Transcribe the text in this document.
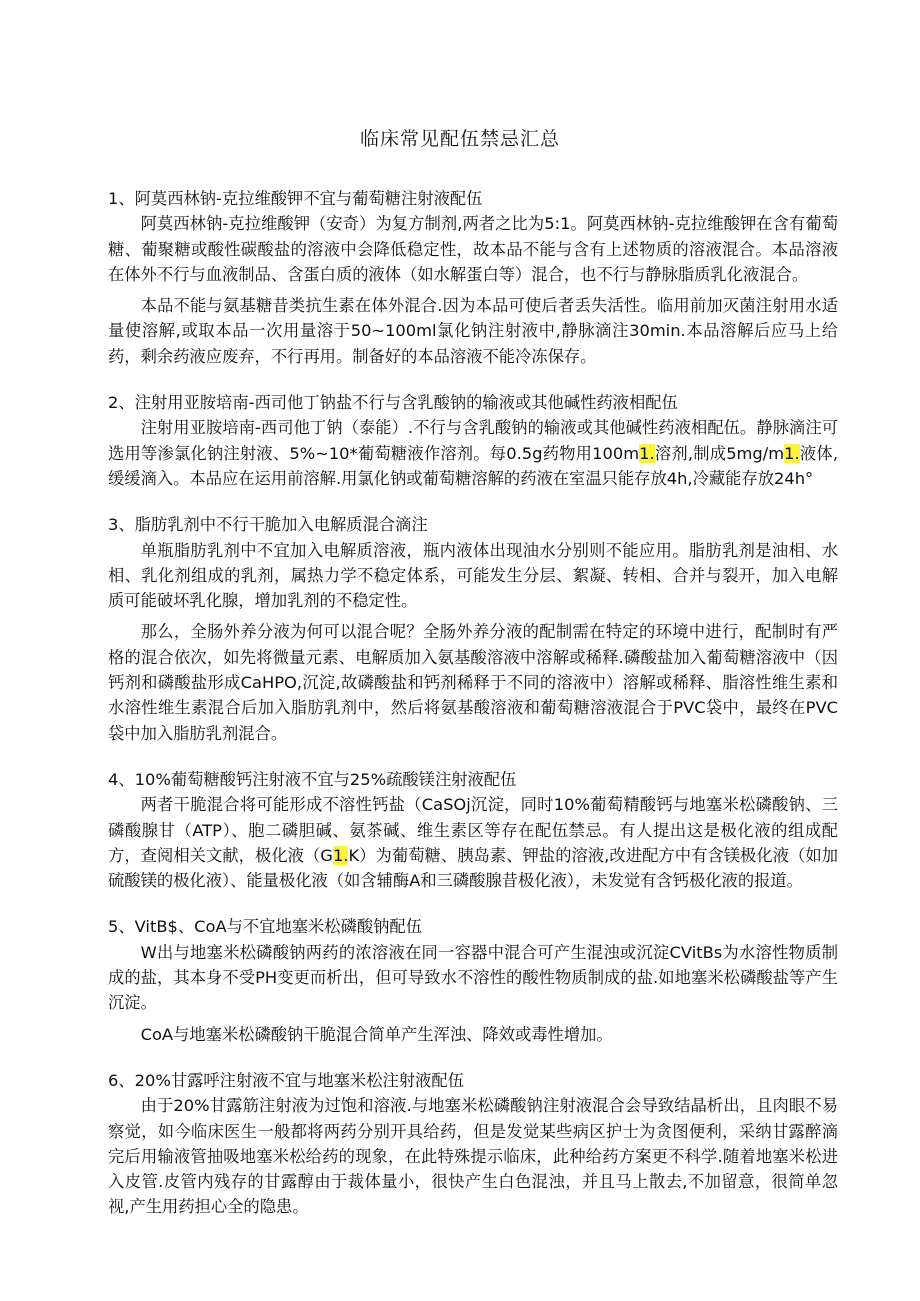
临床常见配伍禁忌汇总
1、阿莫西林钠-克拉维酸钾不宜与葡萄糖注射液配伍
阿莫西林钠-克拉维酸钾（安奇）为复方制剂,两者之比为5:1。阿莫西林钠-克拉维酸钾在含有葡萄糖、葡聚糖或酸性碳酸盐的溶液中会降低稳定性，故本品不能与含有上述物质的溶液混合。本品溶液在体外不行与血液制品、含蛋白质的液体（如水解蛋白等）混合，也不行与静脉脂质乳化液混合。
本品不能与氨基糖昔类抗生素在体外混合.因为本品可使后者丢失活性。临用前加灭菌注射用水适量使溶解,或取本品一次用量溶于50~100ml氯化钠注射液中,静脉滴注30min.本品溶解后应马上给药，剩余药液应废弃，不行再用。制备好的本品溶液不能冷冻保存。
2、注射用亚胺培南-西司他丁钠盐不行与含乳酸钠的输液或其他碱性药液相配伍
注射用亚胺培南-西司他丁钠（泰能）.不行与含乳酸钠的输液或其他碱性药液相配伍。静脉滴注可选用等渗氯化钠注射液、5%~10*葡萄糖液作溶剂。每0.5g药物用100m1.溶剂,制成5mg∕m1.液体,缓缓滴入。本品应在运用前溶解.用氯化钠或葡萄糖溶解的药液在室温只能存放4h,冷藏能存放24h°
3、脂肪乳剂中不行干脆加入电解质混合滴注
单瓶脂肪乳剂中不宜加入电解质溶液，瓶内液体出现油水分别则不能应用。脂肪乳剂是油相、水相、乳化剂组成的乳剂，属热力学不稳定体系，可能发生分层、絮凝、转相、合并与裂开，加入电解质可能破坏乳化腺，增加乳剂的不稳定性。
那么，全肠外养分液为何可以混合呢？全肠外养分液的配制需在特定的环境中进行，配制时有严格的混合依次，如先将微量元素、电解质加入氨基酸溶液中溶解或稀释.磷酸盐加入葡萄糖溶液中（因钙剂和磷酸盐形成CaHPO,沉淀,故磷酸盐和钙剂稀释于不同的溶液中）溶解或稀释、脂溶性维生素和水溶性维生素混合后加入脂肪乳剂中，然后将氨基酸溶液和葡萄糖溶液混合于PVC袋中，最终在PVC袋中加入脂肪乳剂混合。
4、10%葡萄糖酸钙注射液不宜与25%疏酸镁注射液配伍
两者干脆混合将可能形成不溶性钙盐（CaSOj沉淀，同时10%葡萄精酸钙与地塞米松磷酸钠、三磷酸腺甘（ATP）、胞二磷胆碱、氨茶碱、维生素区等存在配伍禁忌。有人提出这是极化液的组成配方，查阅相关文献，极化液（G1.K）为葡萄糖、胰岛素、钾盐的溶液,改进配方中有含镁极化液（如加硫酸镁的极化液）、能量极化液（如含辅酶A和三磷酸腺昔极化液），未发觉有含钙极化液的报道。
5、VitB$、CoA与不宜地塞米松磷酸钠配伍
W出与地塞米松磷酸钠两药的浓溶液在同一容器中混合可产生混浊或沉淀CVitBs为水溶性物质制成的盐，其本身不受PH变更而析出，但可导致水不溶性的酸性物质制成的盐.如地塞米松磷酸盐等产生沉淀。
CoA与地塞米松磷酸钠干脆混合简单产生浑浊、降效或毒性增加。
6、20%甘露呼注射液不宜与地塞米松注射液配伍
由于20%甘露筋注射液为过饱和溶液.与地塞米松磷酸钠注射液混合会导致结晶析出，且肉眼不易察觉，如今临床医生一般都将两药分别开具给药，但是发觉某些病区护士为贪图便利，采纳甘露醉滴完后用输液管抽吸地塞米松给药的现象，在此特殊提示临床，此种给药方案更不科学.随着地塞米松进入皮管.皮管内残存的甘露醇由于裁体量小，很快产生白色混浊，并且马上散去,不加留意，很简单忽视,产生用药担心全的隐患。
